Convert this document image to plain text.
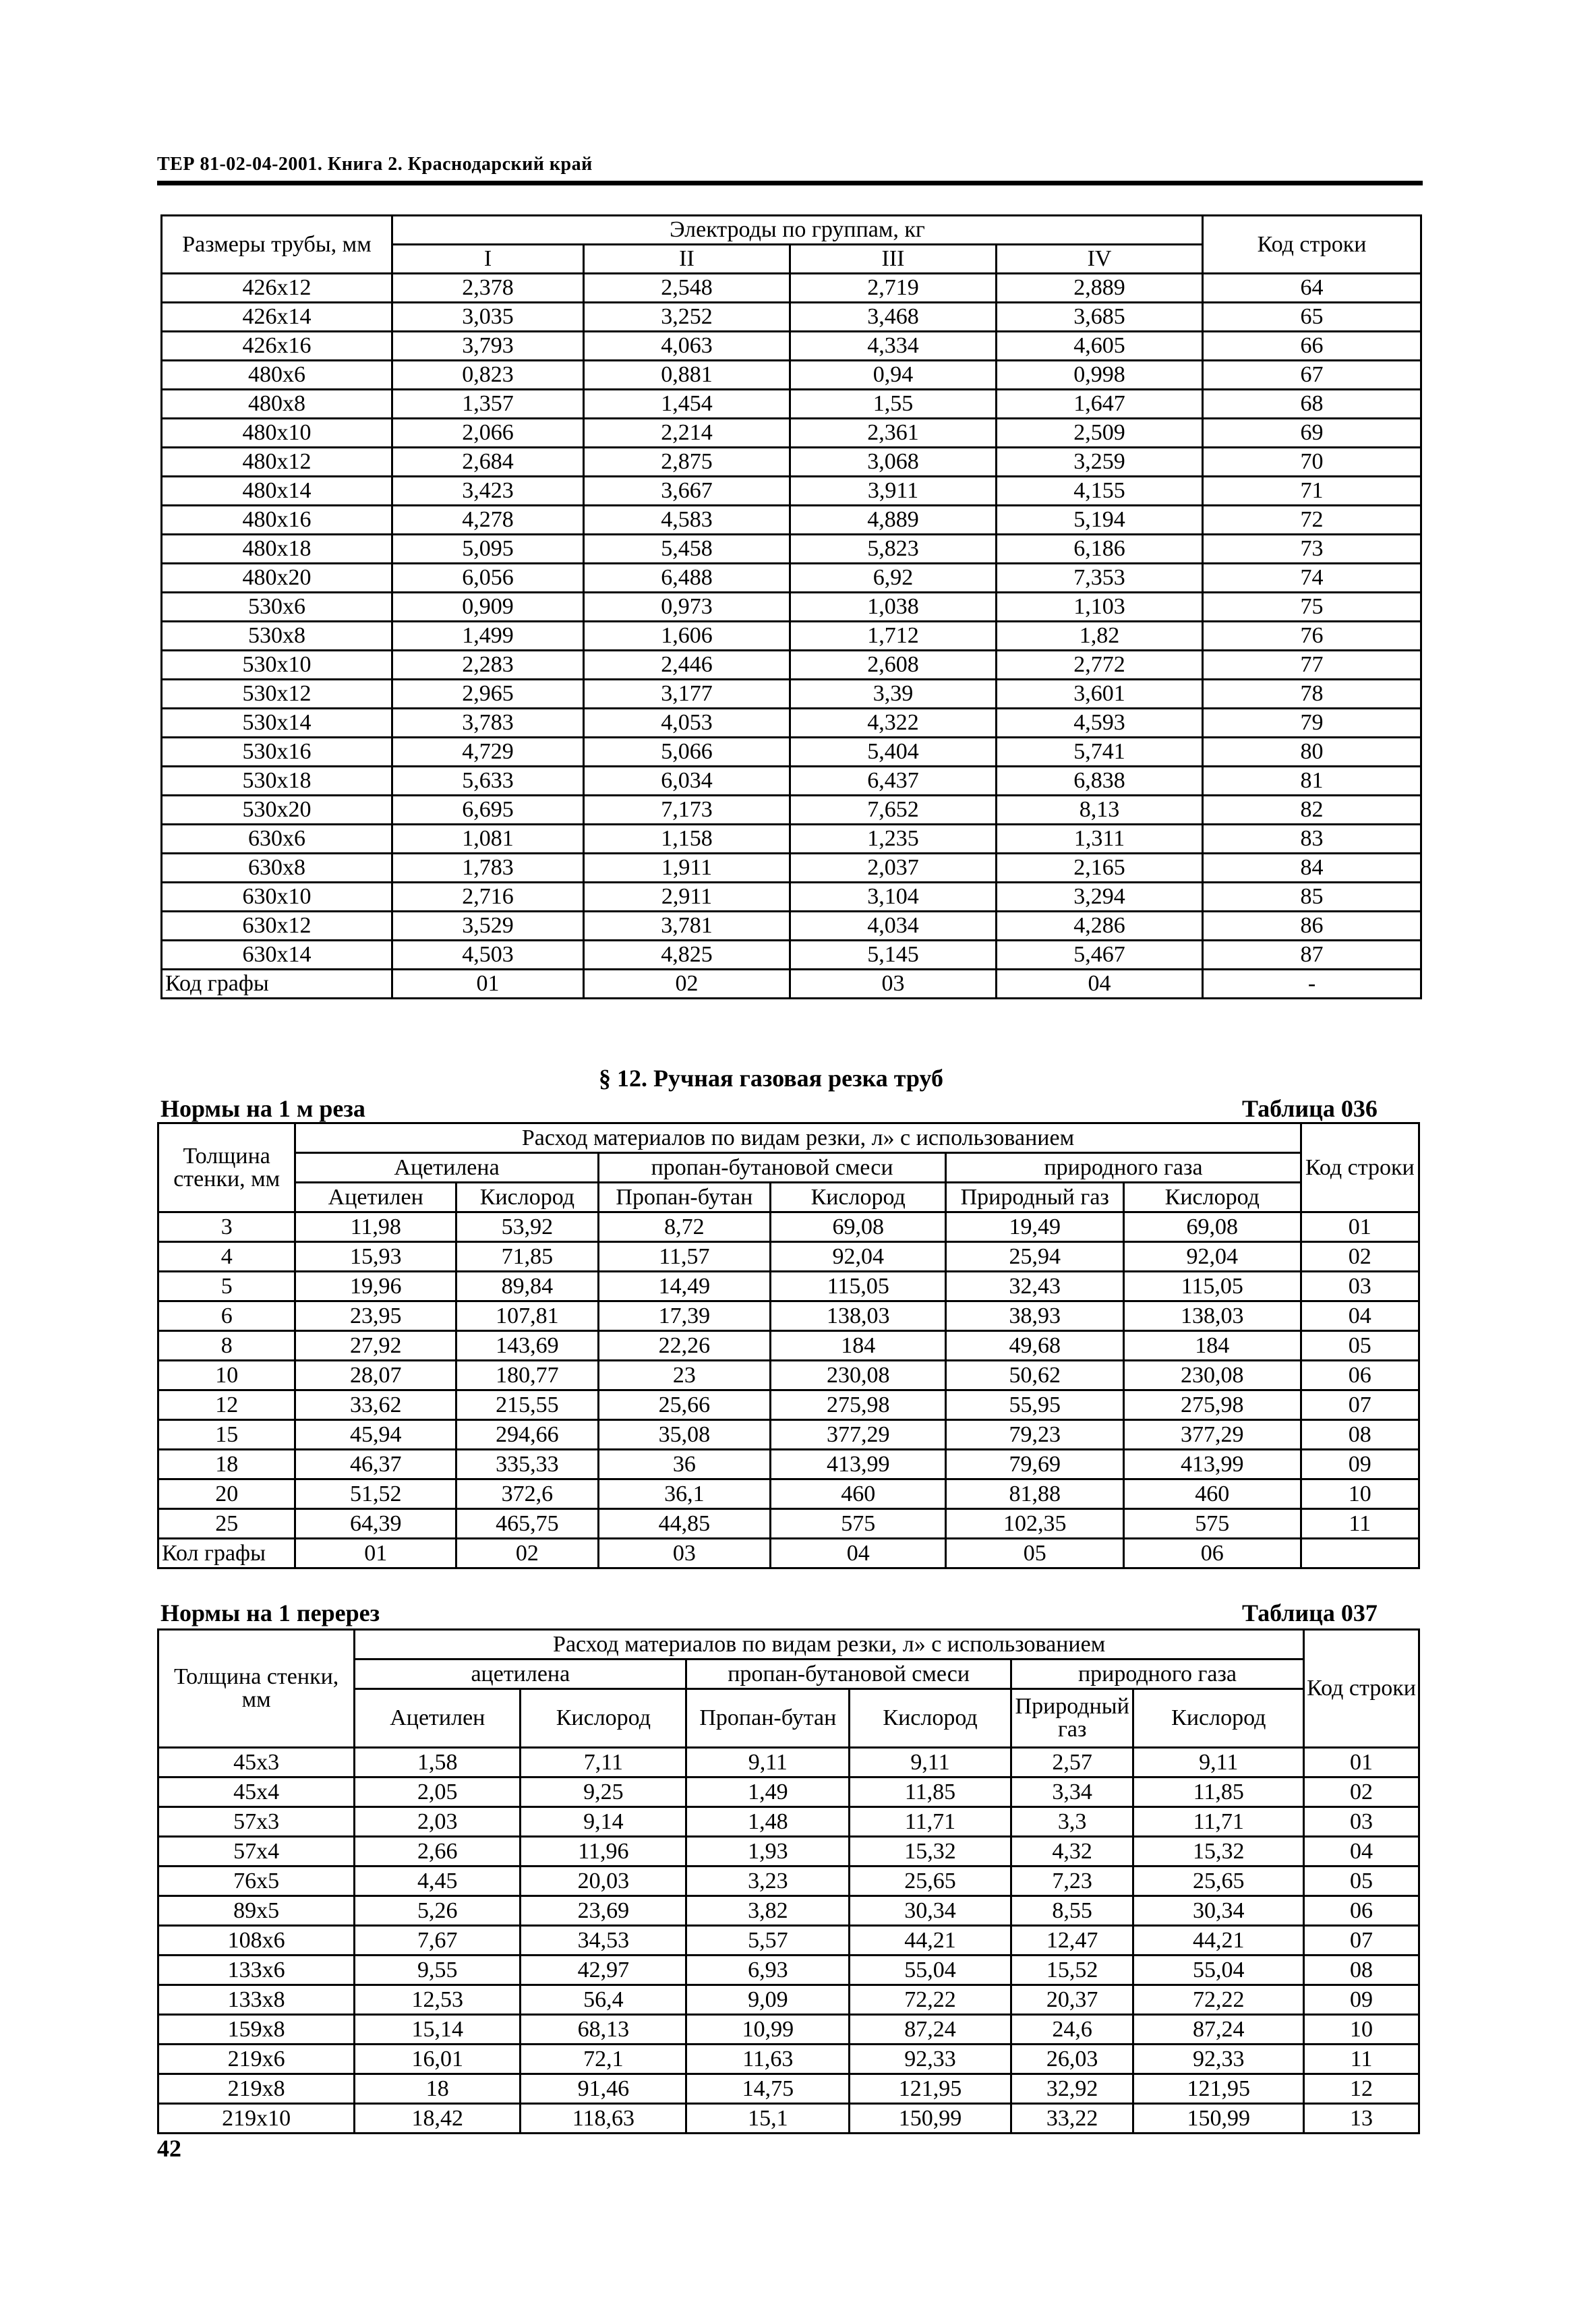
ТЕР 81-02-04-2001. Книга 2. Краснодарский край
Размеры трубы, мм	Электроды по группам, кг				Код строки
	I	II	III	IV	
426x12	2,378	2,548	2,719	2,889	64
426x14	3,035	3,252	3,468	3,685	65
426x16	3,793	4,063	4,334	4,605	66
480x6	0,823	0,881	0,94	0,998	67
480x8	1,357	1,454	1,55	1,647	68
480x10	2,066	2,214	2,361	2,509	69
480x12	2,684	2,875	3,068	3,259	70
480x14	3,423	3,667	3,911	4,155	71
480x16	4,278	4,583	4,889	5,194	72
480x18	5,095	5,458	5,823	6,186	73
480x20	6,056	6,488	6,92	7,353	74
530x6	0,909	0,973	1,038	1,103	75
530x8	1,499	1,606	1,712	1,82	76
530x10	2,283	2,446	2,608	2,772	77
530x12	2,965	3,177	3,39	3,601	78
530x14	3,783	4,053	4,322	4,593	79
530x16	4,729	5,066	5,404	5,741	80
530x18	5,633	6,034	6,437	6,838	81
530x20	6,695	7,173	7,652	8,13	82
630x6	1,081	1,158	1,235	1,311	83
630x8	1,783	1,911	2,037	2,165	84
630x10	2,716	2,911	3,104	3,294	85
630x12	3,529	3,781	4,034	4,286	86
630x14	4,503	4,825	5,145	5,467	87
Код графы	01	02	03	04	-
§ 12. Ручная газовая резка труб
Нормы на 1 м реза	Таблица 036
Толщина стенки, мм	Расход материалов по видам резки, л» с использованием						Код строки
	Ацетилена		пропан-бутановой смеси		природного газа		
	Ацетилен	Кислород	Пропан-бутан	Кислород	Природный газ	Кислород	
3	11,98	53,92	8,72	69,08	19,49	69,08	01
4	15,93	71,85	11,57	92,04	25,94	92,04	02
5	19,96	89,84	14,49	115,05	32,43	115,05	03
6	23,95	107,81	17,39	138,03	38,93	138,03	04
8	27,92	143,69	22,26	184	49,68	184	05
10	28,07	180,77	23	230,08	50,62	230,08	06
12	33,62	215,55	25,66	275,98	55,95	275,98	07
15	45,94	294,66	35,08	377,29	79,23	377,29	08
18	46,37	335,33	36	413,99	79,69	413,99	09
20	51,52	372,6	36,1	460	81,88	460	10
25	64,39	465,75	44,85	575	102,35	575	11
Кол графы	01	02	03	04	05	06	
Нормы на 1 перерез	Таблица 037
Толщина стенки, мм	Расход материалов по видам резки, л» с использованием						Код строки
	ацетилена		пропан-бутановой смеси		природного газа		
	Ацетилен	Кислород	Пропан-бутан	Кислород	Природный газ	Кислород	
45x3	1,58	7,11	9,11	9,11	2,57	9,11	01
45x4	2,05	9,25	1,49	11,85	3,34	11,85	02
57x3	2,03	9,14	1,48	11,71	3,3	11,71	03
57x4	2,66	11,96	1,93	15,32	4,32	15,32	04
76x5	4,45	20,03	3,23	25,65	7,23	25,65	05
89x5	5,26	23,69	3,82	30,34	8,55	30,34	06
108x6	7,67	34,53	5,57	44,21	12,47	44,21	07
133x6	9,55	42,97	6,93	55,04	15,52	55,04	08
133x8	12,53	56,4	9,09	72,22	20,37	72,22	09
159x8	15,14	68,13	10,99	87,24	24,6	87,24	10
219x6	16,01	72,1	11,63	92,33	26,03	92,33	11
219x8	18	91,46	14,75	121,95	32,92	121,95	12
219x10	18,42	118,63	15,1	150,99	33,22	150,99	13
42
